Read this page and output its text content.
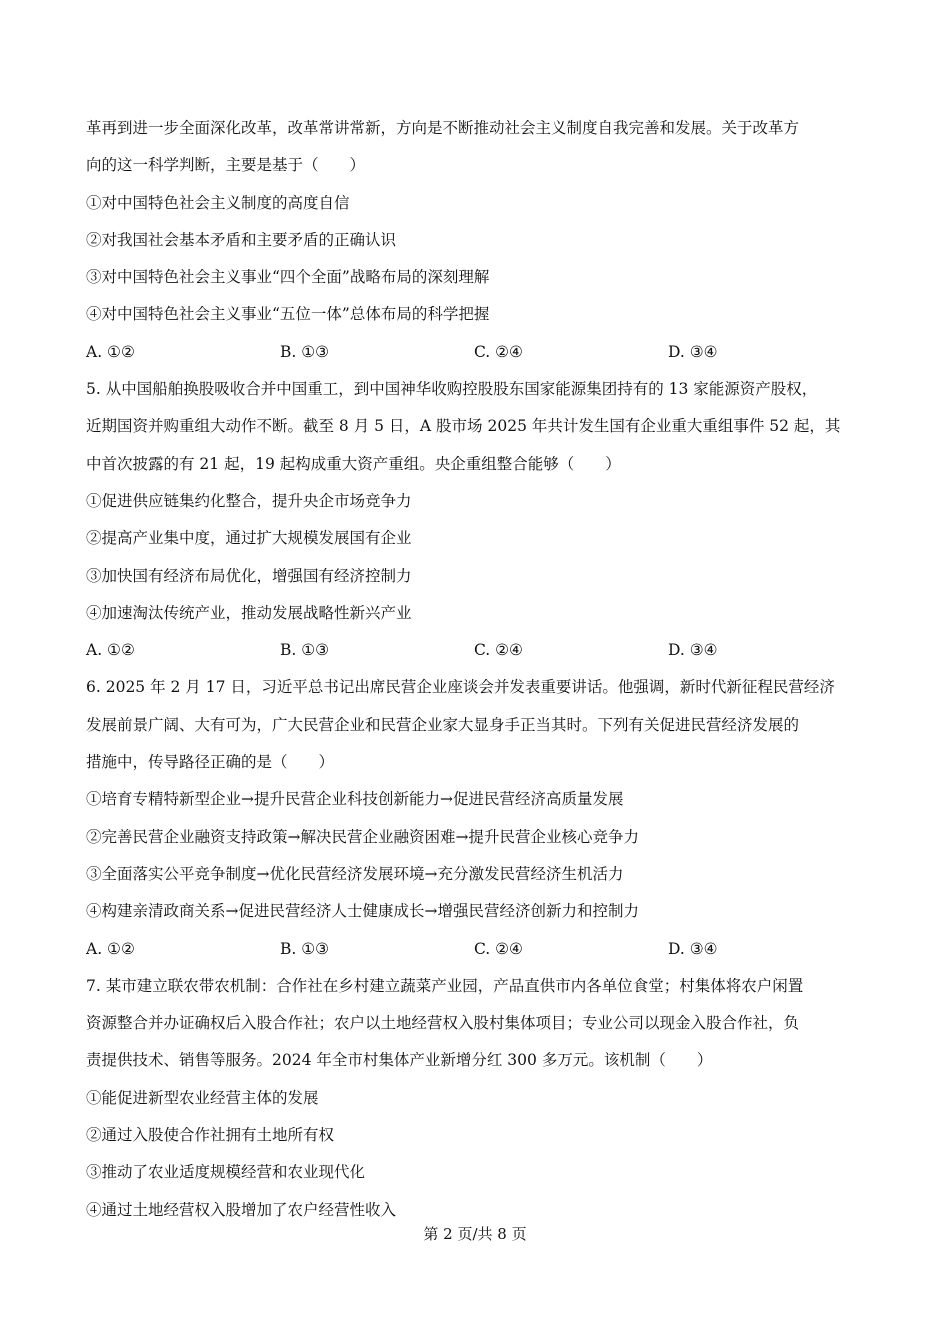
革再到进一步全面深化改革，改革常讲常新，方向是不断推动社会主义制度自我完善和发展。关于改革方
向的这一科学判断，主要是基于（　　）
①对中国特色社会主义制度的高度自信
②对我国社会基本矛盾和主要矛盾的正确认识
③对中国特色社会主义事业“四个全面”战略布局的深刻理解
④对中国特色社会主义事业“五位一体”总体布局的科学把握
A. ①②	B. ①③	C. ②④	D. ③④
5. 从中国船舶换股吸收合并中国重工，到中国神华收购控股股东国家能源集团持有的 13 家能源资产股权，
近期国资并购重组大动作不断。截至 8 月 5 日，A 股市场 2025 年共计发生国有企业重大重组事件 52 起，其
中首次披露的有 21 起，19 起构成重大资产重组。央企重组整合能够（　　）
①促进供应链集约化整合，提升央企市场竞争力
②提高产业集中度，通过扩大规模发展国有企业
③加快国有经济布局优化，增强国有经济控制力
④加速淘汰传统产业，推动发展战略性新兴产业
A. ①②	B. ①③	C. ②④	D. ③④
6. 2025 年 2 月 17 日，习近平总书记出席民营企业座谈会并发表重要讲话。他强调，新时代新征程民营经济
发展前景广阔、大有可为，广大民营企业和民营企业家大显身手正当其时。下列有关促进民营经济发展的
措施中，传导路径正确的是（　　）
①培育专精特新型企业→提升民营企业科技创新能力→促进民营经济高质量发展
②完善民营企业融资支持政策→解决民营企业融资困难→提升民营企业核心竞争力
③全面落实公平竞争制度→优化民营经济发展环境→充分激发民营经济生机活力
④构建亲清政商关系→促进民营经济人士健康成长→增强民营经济创新力和控制力
A. ①②	B. ①③	C. ②④	D. ③④
7. 某市建立联农带农机制：合作社在乡村建立蔬菜产业园，产品直供市内各单位食堂；村集体将农户闲置
资源整合并办证确权后入股合作社；农户以土地经营权入股村集体项目；专业公司以现金入股合作社，负
责提供技术、销售等服务。2024 年全市村集体产业新增分红 300 多万元。该机制（　　）
①能促进新型农业经营主体的发展
②通过入股使合作社拥有土地所有权
③推动了农业适度规模经营和农业现代化
④通过土地经营权入股增加了农户经营性收入
第 2 页/共 8 页
